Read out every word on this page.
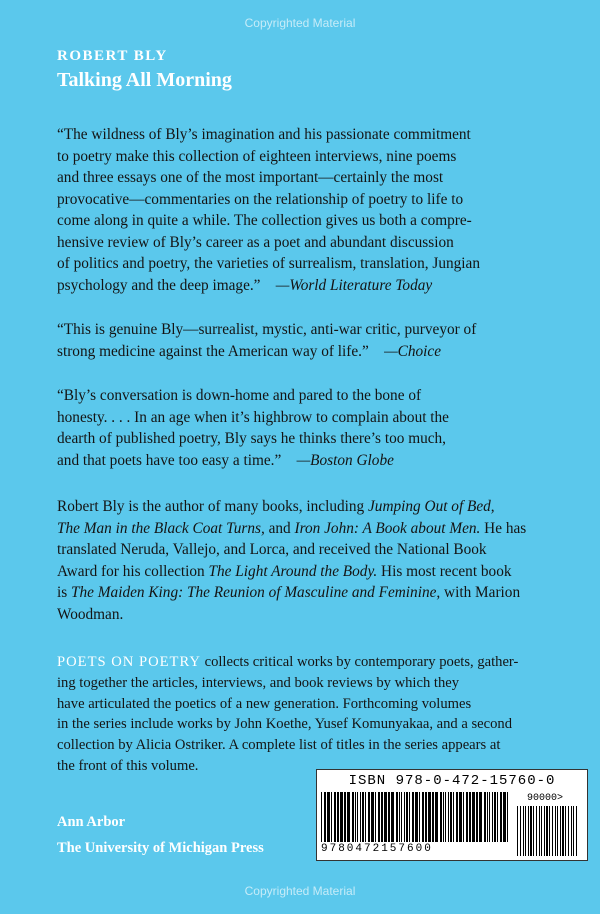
Copyrighted Material
ROBERT BLY
Talking All Morning
“The wildness of Bly’s imagination and his passionate commitment
to poetry make this collection of eighteen interviews, nine poems
and three essays one of the most important—certainly the most
provocative—commentaries on the relationship of poetry to life to
come along in quite a while. The collection gives us both a compre-
hensive review of Bly’s career as a poet and abundant discussion
of politics and poetry, the varieties of surrealism, translation, Jungian
psychology and the deep image.” —World Literature Today
“This is genuine Bly—surrealist, mystic, anti-war critic, purveyor of
strong medicine against the American way of life.” —Choice
“Bly’s conversation is down-home and pared to the bone of
honesty. . . . In an age when it’s highbrow to complain about the
dearth of published poetry, Bly says he thinks there’s too much,
and that poets have too easy a time.” —Boston Globe
Robert Bly is the author of many books, including Jumping Out of Bed,
The Man in the Black Coat Turns, and Iron John: A Book about Men. He has
translated Neruda, Vallejo, and Lorca, and received the National Book
Award for his collection The Light Around the Body. His most recent book
is The Maiden King: The Reunion of Masculine and Feminine, with Marion
Woodman.
POETS ON POETRY collects critical works by contemporary poets, gather-
ing together the articles, interviews, and book reviews by which they
have articulated the poetics of a new generation. Forthcoming volumes
in the series include works by John Koethe, Yusef Komunyakaa, and a second
collection by Alicia Ostriker. A complete list of titles in the series appears at
the front of this volume.
Ann Arbor
The University of Michigan Press
ISBN 978-0-472-15760-0
9780472157600
90000>
Copyrighted Material
